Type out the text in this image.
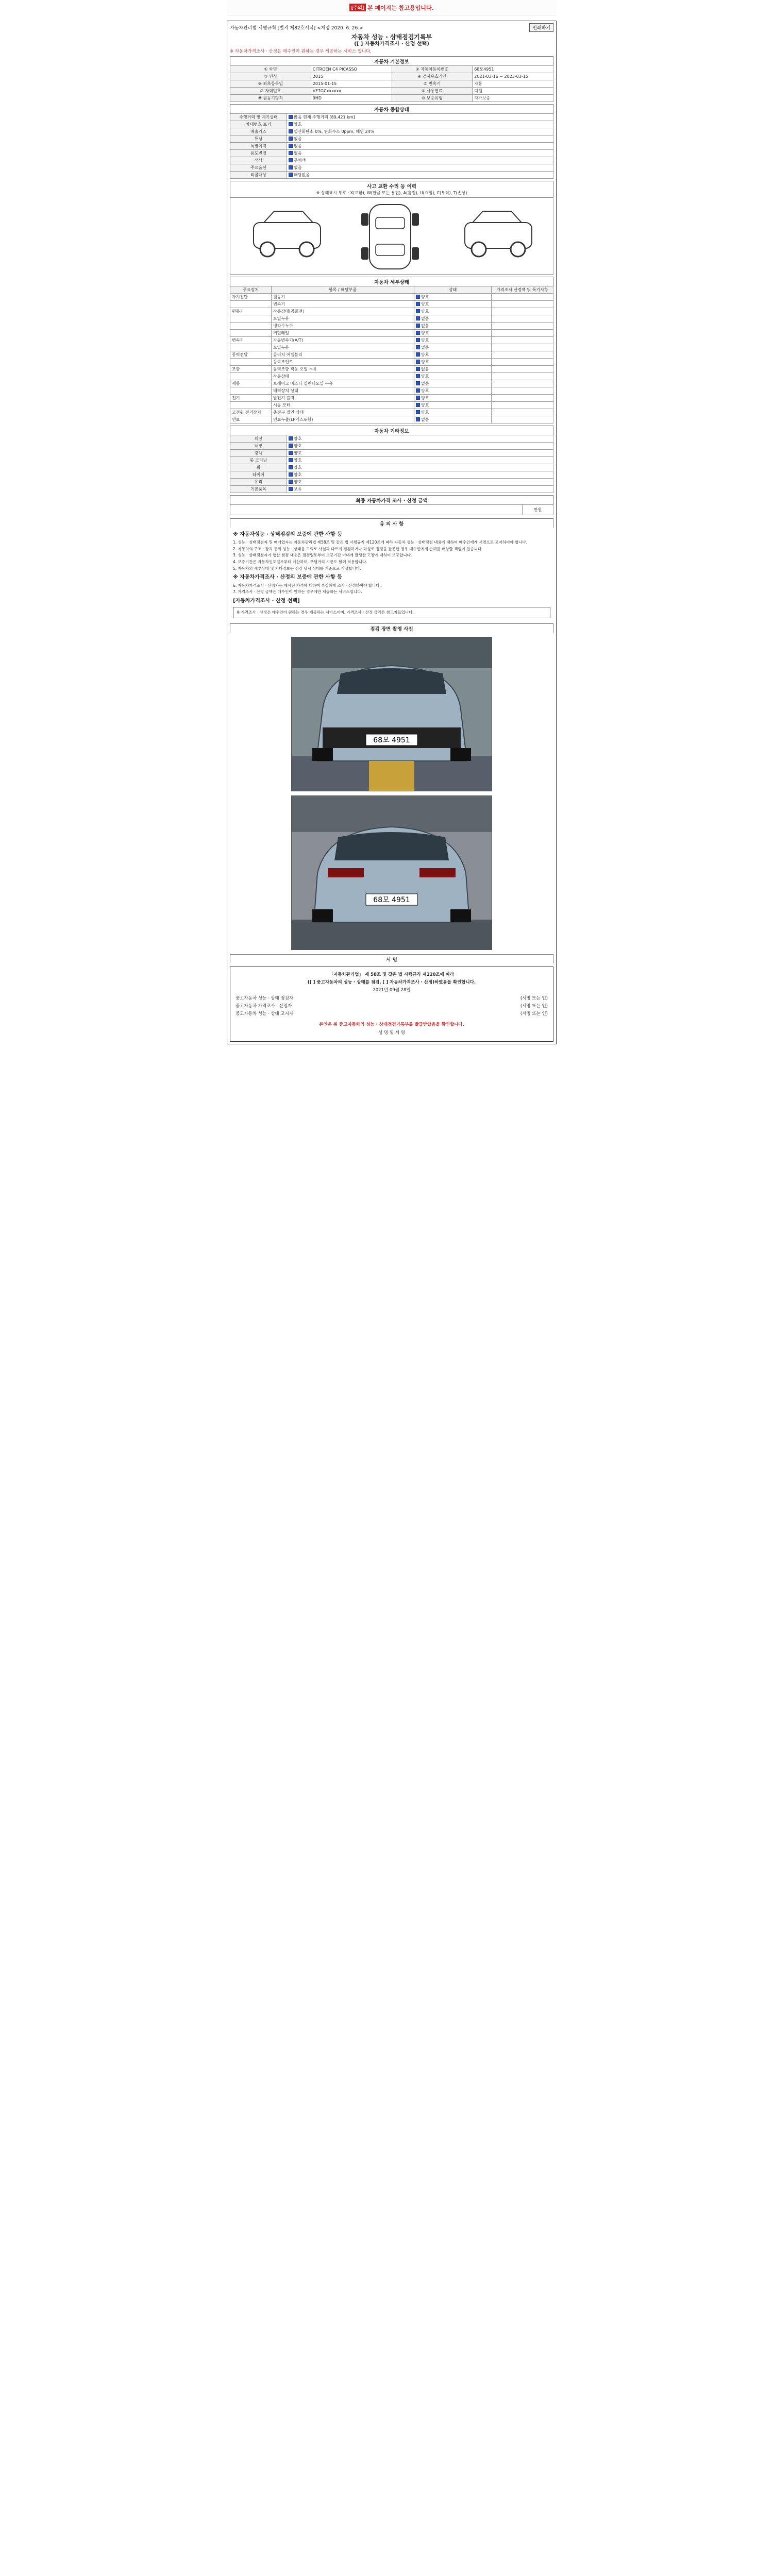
[주의] 본 페이지는 참고용입니다.
자동차관리법 시행규칙 [별지 제82호서식] <개정 2020. 6. 26.>	인쇄하기
자동차 성능 · 상태점검기록부
([ ] 자동차가격조사 · 산정 선택)
※ 자동차가격조사 · 산정은 매수인이 원하는 경우 제공하는 서비스 입니다.
자동차 기본정보
① 차명	CITROEN C4 PICASSO	② 자동차등록번호	68모4951
③ 연식	2015	④ 검사유효기간	2021-03-16 ~ 2023-03-15
⑤ 최초등록일	2015-01-15	⑥ 변속기	자동
⑦ 차대번호	VF7GCxxxxxx	⑧ 사용연료	디젤
⑨ 원동기형식	9HD	⑩ 보증유형	자가보증
자동차 종합상태
주행거리 및 계기상태	많음 현재 주행거리 [89,421 km]
차대번호 표기	양호
배출가스	일산화탄소 0%, 탄화수소 0ppm, 매연 24%
튜닝	없음
특별이력	없음
용도변경	없음
색상	무채색
주요옵션	없음
리콜대상	해당없음
사고 교환 수리 등 이력
※ 상태표시 부호 : X(교환), W(판금 또는 용접), A(흠집), U(요철), C(부식), T(손상)
자동차 세부상태
주요장치	항목 / 해당부품	상태	가격조사 산정액 및 특기사항
자기진단	원동기	양호	
	변속기	양호	
원동기	작동상태(공회전)	양호	
	오일누유	없음	
	냉각수누수	없음	
	커먼레일	양호	
변속기	자동변속기(A/T)	양호	
	오일누유	없음	
동력전달	클러치 어셈블리	양호	
	등속조인트	양호	
조향	동력조향 작동 오일 누유	없음	
	작동상태	양호	
제동	브레이크 마스터 실린더오일 누유	없음	
	배력장치 상태	양호	
전기	발전기 출력	양호	
	시동 모터	양호	
고전원 전기장치	충전구 절연 상태	양호	
연료	연료누출(LP가스포함)	없음	
자동차 기타정보
외장	양호
내장	양호
광택	양호
룸 크리닝	양호
휠	양호
타이어	양호
유리	양호
기본품목	보유
최종 자동차가격 조사 · 산정 금액
	만원
유 의 사 항
※ 자동차성능 · 상태점검의 보증에 관한 사항 등

1. 성능 · 상태점검자 및 매매업자는 자동차관리법 제58조 및 같은 법 시행규칙 제120조에 따라 자동차 성능 · 상태점검 내용에 대하여 매수인에게 서면으로 고지하여야 합니다.

2. 자동차의 구조 · 장치 등의 성능 · 상태를 고의로 사실과 다르게 점검하거나 과실로 점검을 잘못한 경우 매수인에게 손해를 배상할 책임이 있습니다.

3. 성능 · 상태점검자가 행한 점검 내용은 점검일로부터 보증기간 이내에 발생한 고장에 대하여 보증합니다.

4. 보증기간은 자동차인도일로부터 계산하며, 주행거리 기준도 함께 적용합니다.

5. 자동차의 세부상태 및 기타정보는 점검 당시 상태를 기준으로 작성합니다.

※ 자동차가격조사 · 산정의 보증에 관한 사항 등

6. 자동차가격조사 · 산정자는 제시된 가격에 대하여 성실하게 조사 · 산정하여야 합니다.

7. 가격조사 · 산정 금액은 매수인이 원하는 경우에만 제공하는 서비스입니다.

[자동차가격조사 · 산정 선택]
※ 가격조사 · 산정은 매수인이 원하는 경우 제공하는 서비스이며, 가격조사 · 산정 금액은 참고자료입니다.
점검 장면 촬영 사진
68모 4951
68모 4951
서 명
「자동차관리법」 제 58조 및 같은 법 시행규칙 제120조에 따라
([ ] 중고자동차의 성능 · 상태를 점검, [ ] 자동차가격조사 · 산정)하였음을 확인합니다.
2021년 09월 28일
중고자동차 성능 · 상태 점검자	(서명 또는 인)
중고자동차 가격조사 · 산정자	(서명 또는 인)
중고자동차 성능 · 상태 고지자	(서명 또는 인)
본인은 위 중고자동차의 성능 · 상태점검기록부를 발급받았음을 확인합니다.
성 명 및 서 명
